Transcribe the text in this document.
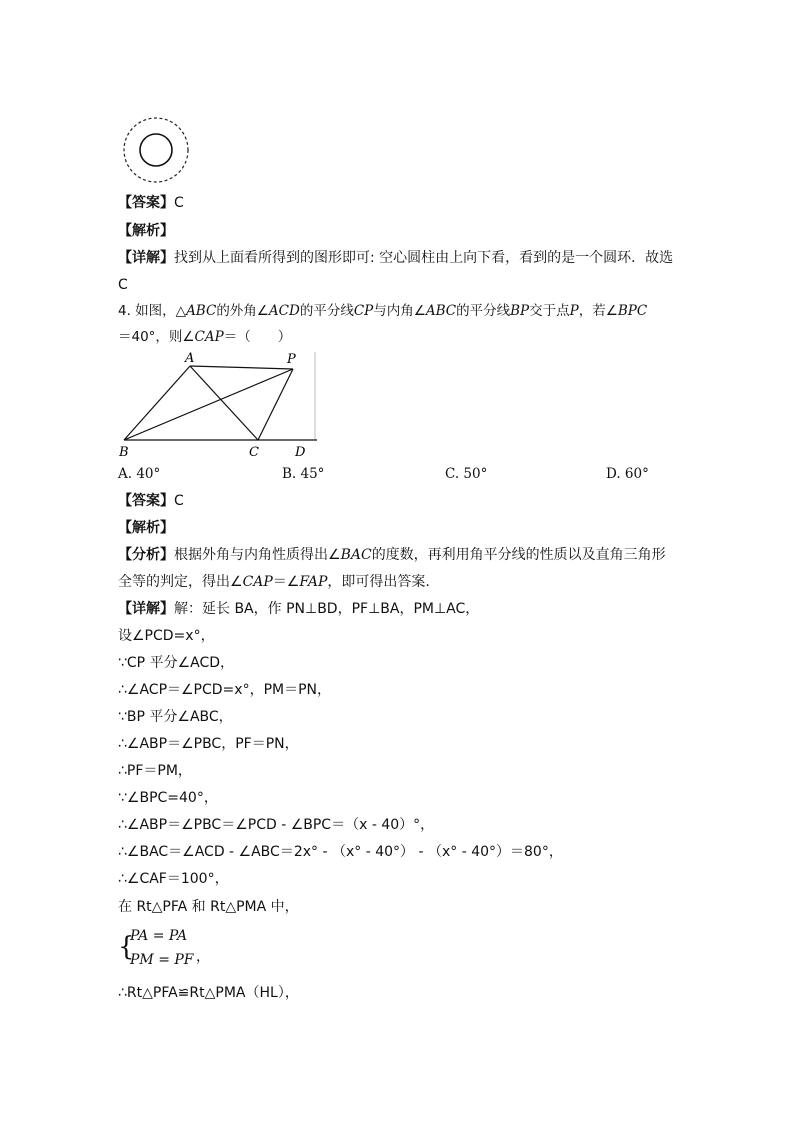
【答案】C
【解析】
【详解】找到从上面看所得到的图形即可: 空心圆柱由上向下看，看到的是一个圆环．故选
C
4. 如图，△ABC的外角∠ACD的平分线CP与内角∠ABC的平分线BP交于点P，若∠BPC
＝40°，则∠CAP＝（　　）
A	P
B	C	D
A. 40°	B. 45°	C. 50°	D. 60°
【答案】C
【解析】
【分析】根据外角与内角性质得出∠BAC的度数，再利用角平分线的性质以及直角三角形
全等的判定，得出∠CAP＝∠FAP，即可得出答案.
【详解】解：延长 BA，作 PN⊥BD，PF⊥BA，PM⊥AC，
设∠PCD=x°，
∵CP 平分∠ACD，
∴∠ACP＝∠PCD=x°，PM＝PN，
∵BP 平分∠ABC，
∴∠ABP＝∠PBC，PF＝PN，
∴PF＝PM，
∵∠BPC=40°，
∴∠ABP＝∠PBC＝∠PCD - ∠BPC＝（x - 40）°，
∴∠BAC＝∠ACD - ∠ABC＝2x° - （x° - 40°） - （x° - 40°）＝80°，
∴∠CAF＝100°，
在 Rt△PFA 和 Rt△PMA 中，
{
PA = PA
PM = PF ，
∴Rt△PFA≌Rt△PMA（HL），
